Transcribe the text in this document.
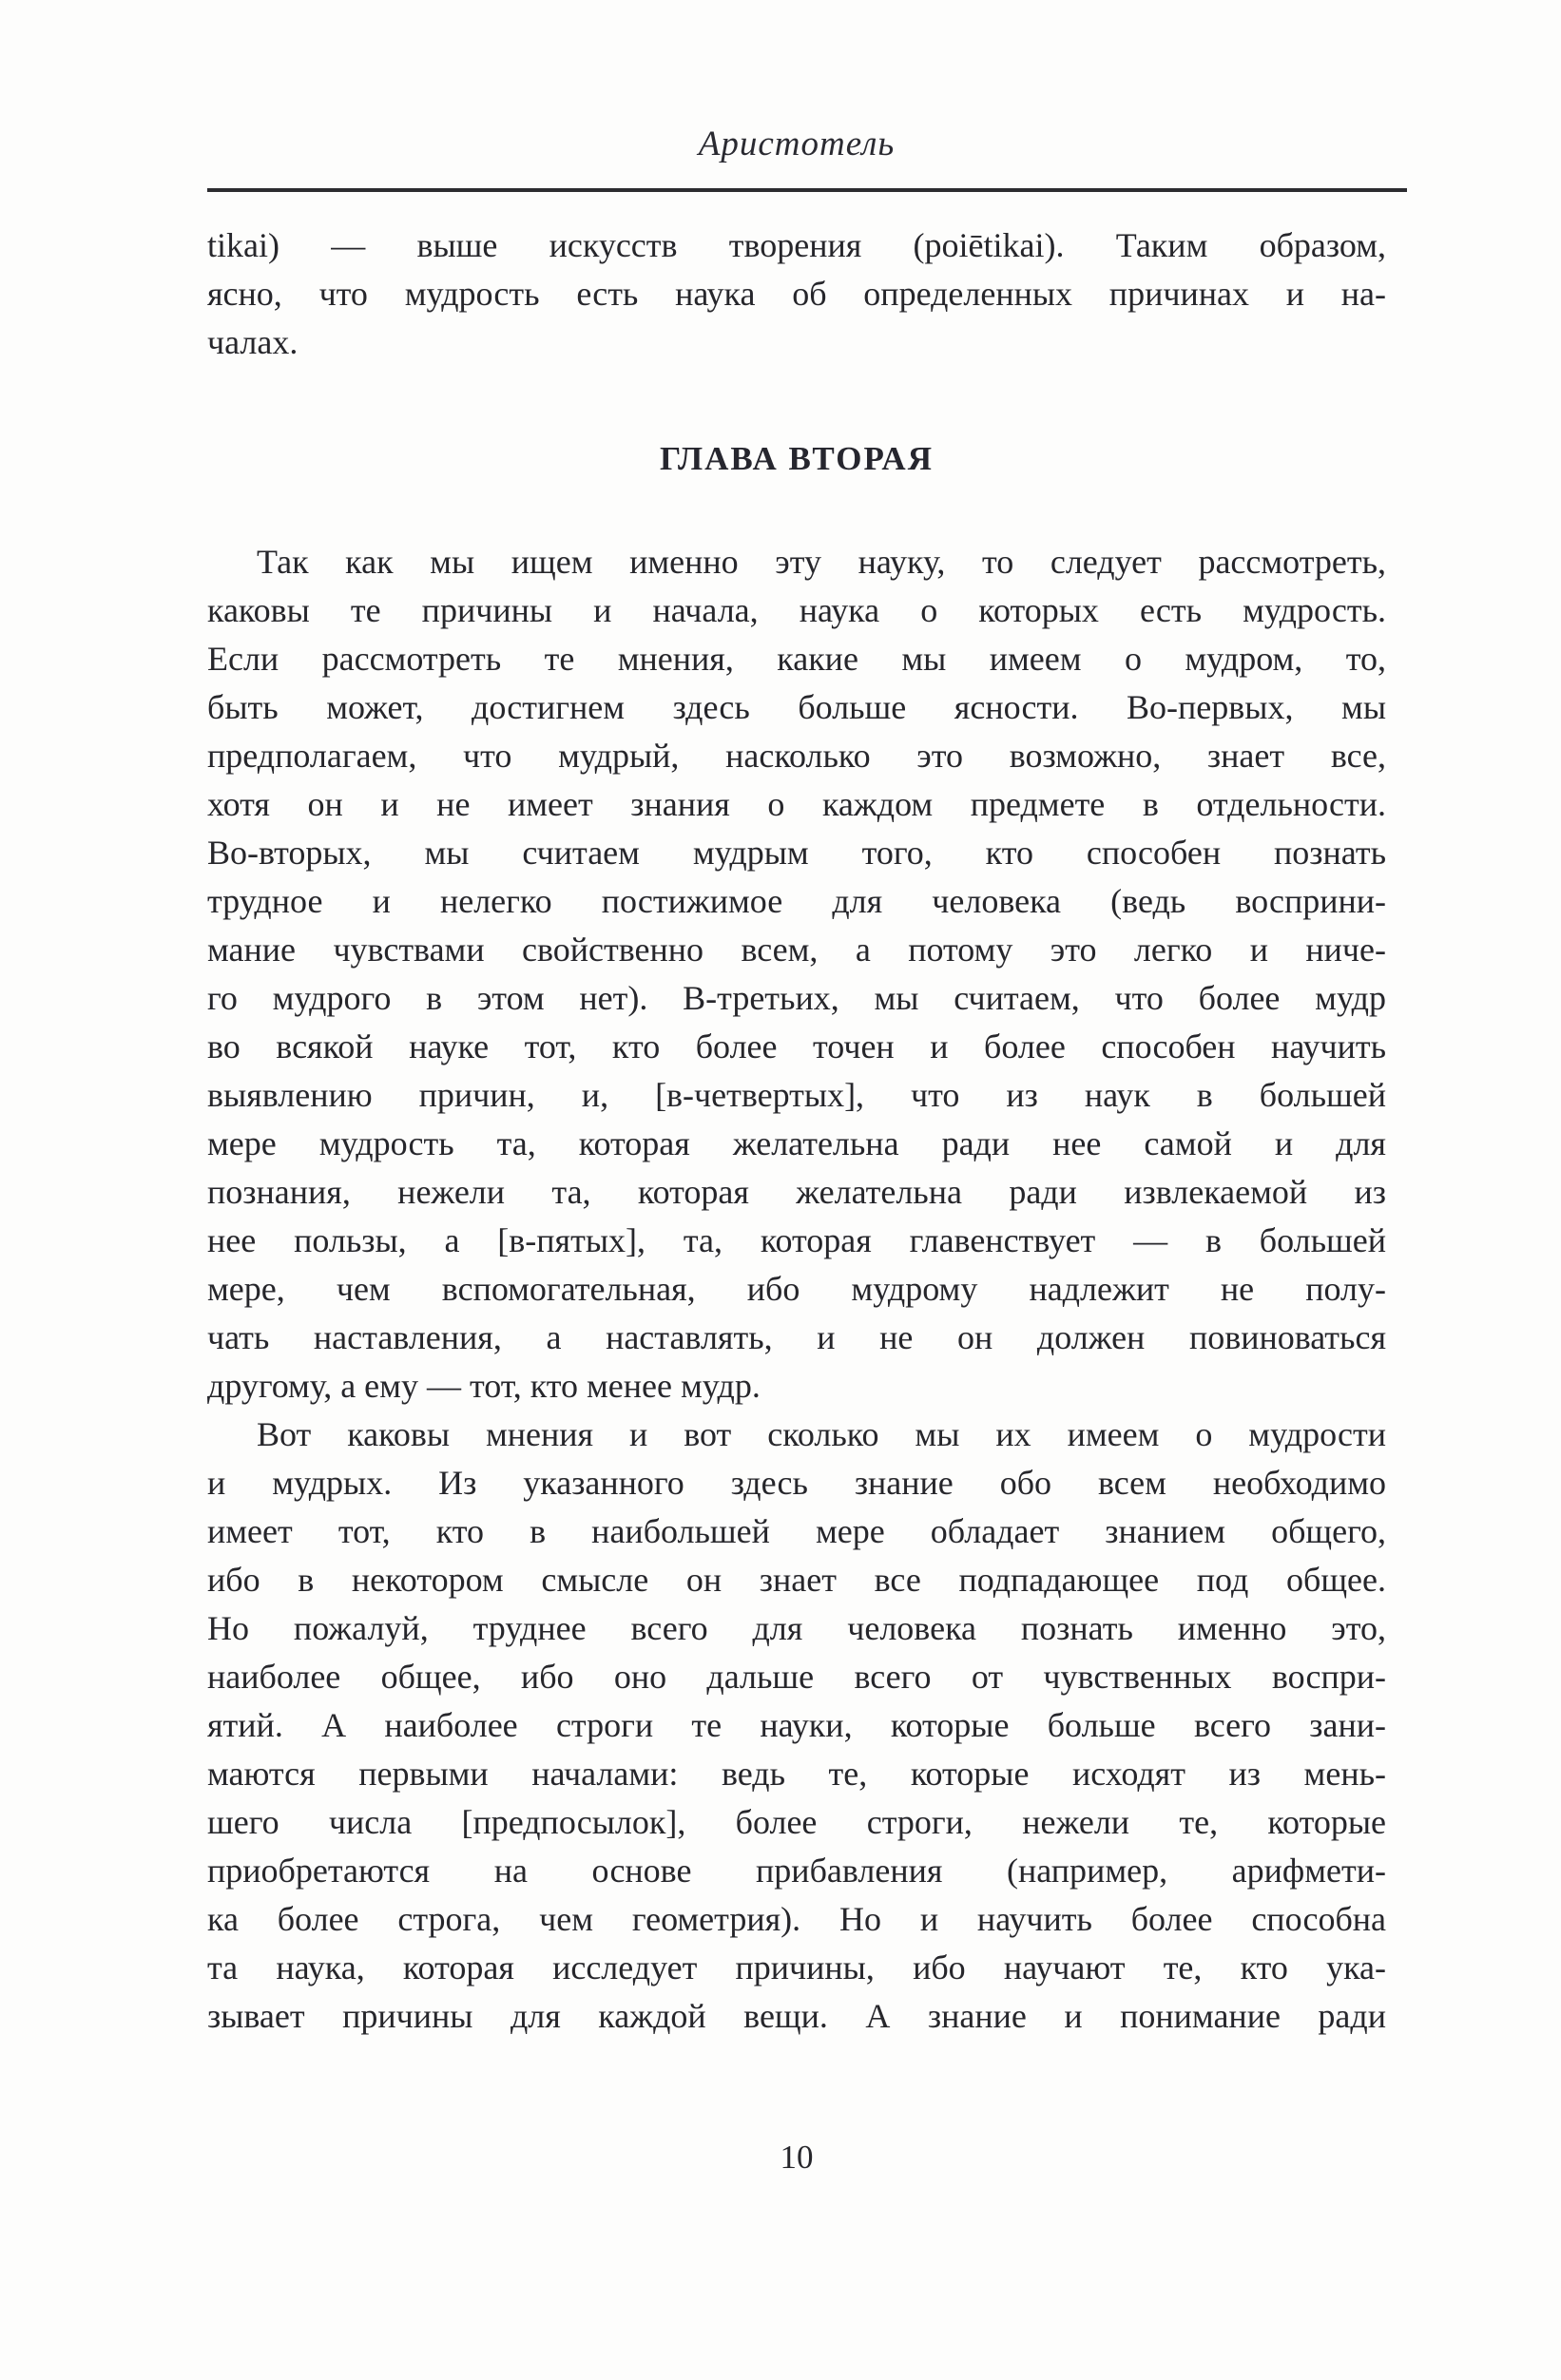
Аристотель
tikai) — выше искусств творения (poiētikai). Таким образом,
ясно, что мудрость есть наука об определенных причинах и на-
чалах.
ГЛАВА ВТОРАЯ
Так как мы ищем именно эту науку, то следует рассмотреть,
каковы те причины и начала, наука о которых есть мудрость.
Если рассмотреть те мнения, какие мы имеем о мудром, то,
быть может, достигнем здесь больше ясности. Во-первых, мы
предполагаем, что мудрый, насколько это возможно, знает все,
хотя он и не имеет знания о каждом предмете в отдельности.
Во-вторых, мы считаем мудрым того, кто способен познать
трудное и нелегко постижимое для человека (ведь восприни-
мание чувствами свойственно всем, а потому это легко и ниче-
го мудрого в этом нет). В-третьих, мы считаем, что более мудр
во всякой науке тот, кто более точен и более способен научить
выявлению причин, и, [в-четвертых], что из наук в большей
мере мудрость та, которая желательна ради нее самой и для
познания, нежели та, которая желательна ради извлекаемой из
нее пользы, а [в-пятых], та, которая главенствует — в большей
мере, чем вспомогательная, ибо мудрому надлежит не полу-
чать наставления, а наставлять, и не он должен повиноваться
другому, а ему — тот, кто менее мудр.
Вот каковы мнения и вот сколько мы их имеем о мудрости
и мудрых. Из указанного здесь знание обо всем необходимо
имеет тот, кто в наибольшей мере обладает знанием общего,
ибо в некотором смысле он знает все подпадающее под общее.
Но пожалуй, труднее всего для человека познать именно это,
наиболее общее, ибо оно дальше всего от чувственных воспри-
ятий. А наиболее строги те науки, которые больше всего зани-
маются первыми началами: ведь те, которые исходят из мень-
шего числа [предпосылок], более строги, нежели те, которые
приобретаются на основе прибавления (например, арифмети-
ка более строга, чем геометрия). Но и научить более способна
та наука, которая исследует причины, ибо научают те, кто ука-
зывает причины для каждой вещи. А знание и понимание ради
10
